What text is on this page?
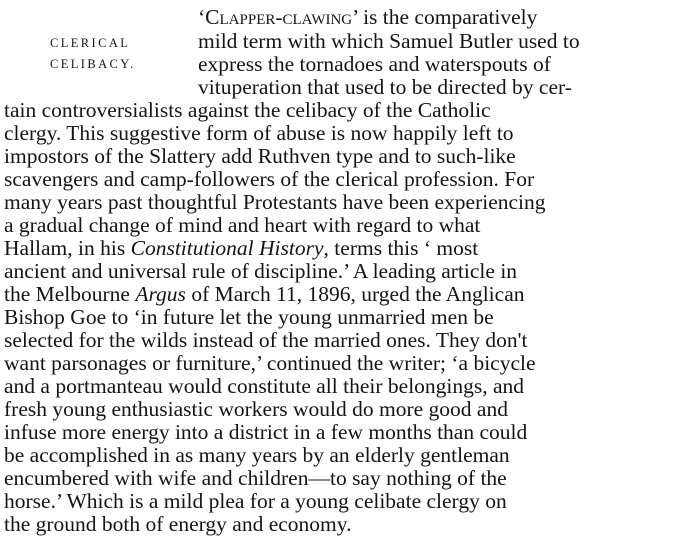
CLERICAL
CELIBACY.
‘Clapper-clawing’ is the comparatively
mild term with which Samuel Butler used to
express the tornadoes and waterspouts of
vituperation that used to be directed by cer-
tain controversialists against the celibacy of the Catholic
clergy. This suggestive form of abuse is now happily left to
impostors of the Slattery add Ruthven type and to such-like
scavengers and camp-followers of the clerical profession. For
many years past thoughtful Protestants have been experiencing
a gradual change of mind and heart with regard to what
Hallam, in his Constitutional History, terms this ‘ most
ancient and universal rule of discipline.’ A leading article in
the Melbourne Argus of March 11, 1896, urged the Anglican
Bishop Goe to ‘in future let the young unmarried men be
selected for the wilds instead of the married ones. They don't
want parsonages or furniture,’ continued the writer; ‘a bicycle
and a portmanteau would constitute all their belongings, and
fresh young enthusiastic workers would do more good and
infuse more energy into a district in a few months than could
be accomplished in as many years by an elderly gentleman
encumbered with wife and children—to say nothing of the
horse.’ Which is a mild plea for a young celibate clergy on
the ground both of energy and economy.
